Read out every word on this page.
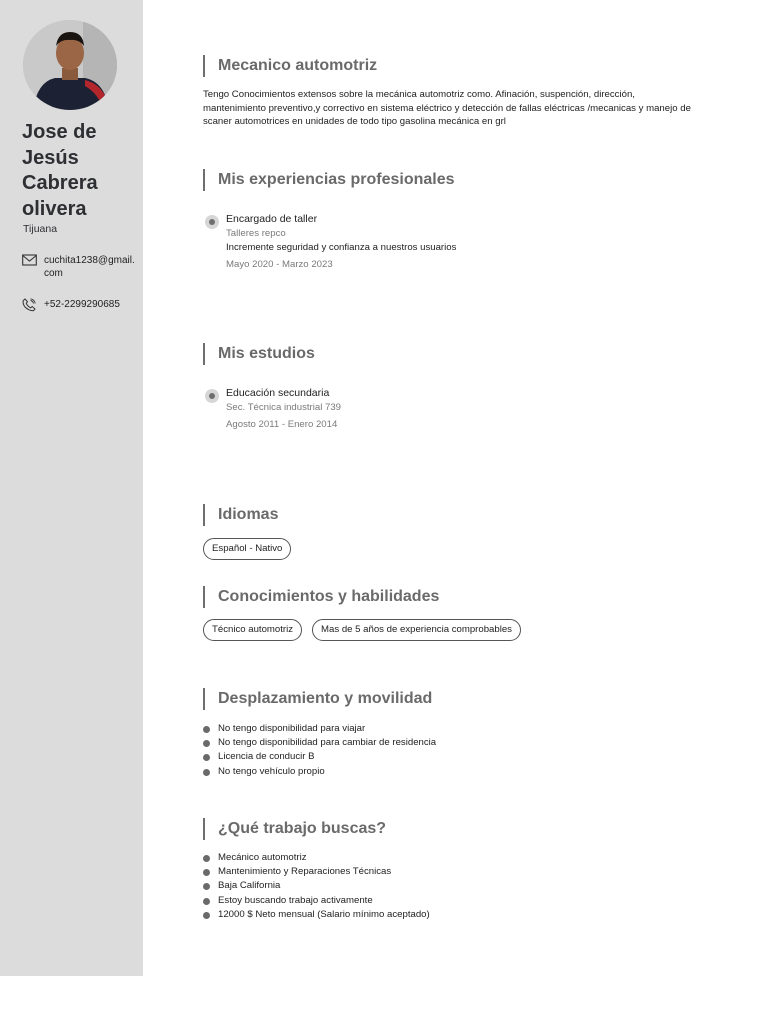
Jose de Jesús Cabrera olivera
Tijuana
cuchita1238@gmail.com
+52-2299290685
Mecanico automotriz
Tengo Conocimientos extensos sobre la mecánica automotriz como. Afinación, suspención, dirección, mantenimiento preventivo,y correctivo en sistema eléctrico y detección de fallas eléctricas /mecanicas y manejo de scaner automotrices en unidades de todo tipo gasolina mecánica en grl
Mis experiencias profesionales
Encargado de taller
Talleres repco
Incremente seguridad y confianza a nuestros usuarios
Mayo 2020 - Marzo 2023
Mis estudios
Educación secundaria
Sec. Técnica industrial 739
Agosto 2011 - Enero 2014
Idiomas
Español - Nativo
Conocimientos y habilidades
Técnico automotriz	Mas de 5 años de experiencia comprobables
Desplazamiento y movilidad
No tengo disponibilidad para viajar
No tengo disponibilidad para cambiar de residencia
Licencia de conducir B
No tengo vehículo propio
¿Qué trabajo buscas?
Mecánico automotriz
Mantenimiento y Reparaciones Técnicas
Baja California
Estoy buscando trabajo activamente
12000 $ Neto mensual (Salario mínimo aceptado)
